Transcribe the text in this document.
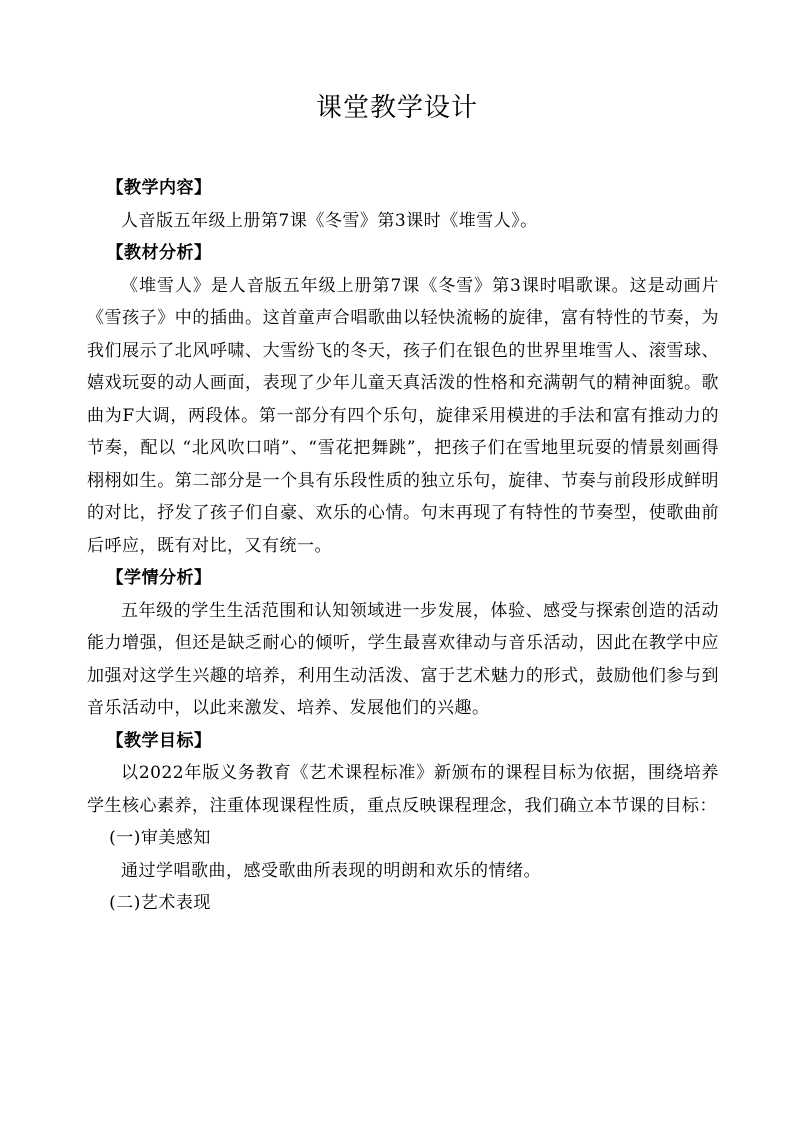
课堂教学设计

【教学内容】

人音版五年级上册第7课《冬雪》第3课时《堆雪人》。

【教材分析】

《堆雪人》是人音版五年级上册第7课《冬雪》第3课时唱歌课。这是动画片《雪孩子》中的插曲。这首童声合唱歌曲以轻快流畅的旋律，富有特性的节奏，为我们展示了北风呼啸、大雪纷飞的冬天，孩子们在银色的世界里堆雪人、滚雪球、嬉戏玩耍的动人画面，表现了少年儿童天真活泼的性格和充满朝气的精神面貌。歌曲为F大调，两段体。第一部分有四个乐句，旋律采用模进的手法和富有推动力的节奏，配以 “北风吹口哨”、“雪花把舞跳”，把孩子们在雪地里玩耍的情景刻画得栩栩如生。第二部分是一个具有乐段性质的独立乐句，旋律、节奏与前段形成鲜明的对比，抒发了孩子们自豪、欢乐的心情。句末再现了有特性的节奏型，使歌曲前后呼应，既有对比，又有统一。

【学情分析】

五年级的学生生活范围和认知领域进一步发展，体验、感受与探索创造的活动能力增强，但还是缺乏耐心的倾听，学生最喜欢律动与音乐活动，因此在教学中应加强对这学生兴趣的培养，利用生动活泼、富于艺术魅力的形式，鼓励他们参与到音乐活动中，以此来激发、培养、发展他们的兴趣。

【教学目标】

以2022年版义务教育《艺术课程标准》新颁布的课程目标为依据，围绕培养学生核心素养，注重体现课程性质，重点反映课程理念，我们确立本节课的目标：

(一)审美感知

通过学唱歌曲，感受歌曲所表现的明朗和欢乐的情绪。

(二)艺术表现
